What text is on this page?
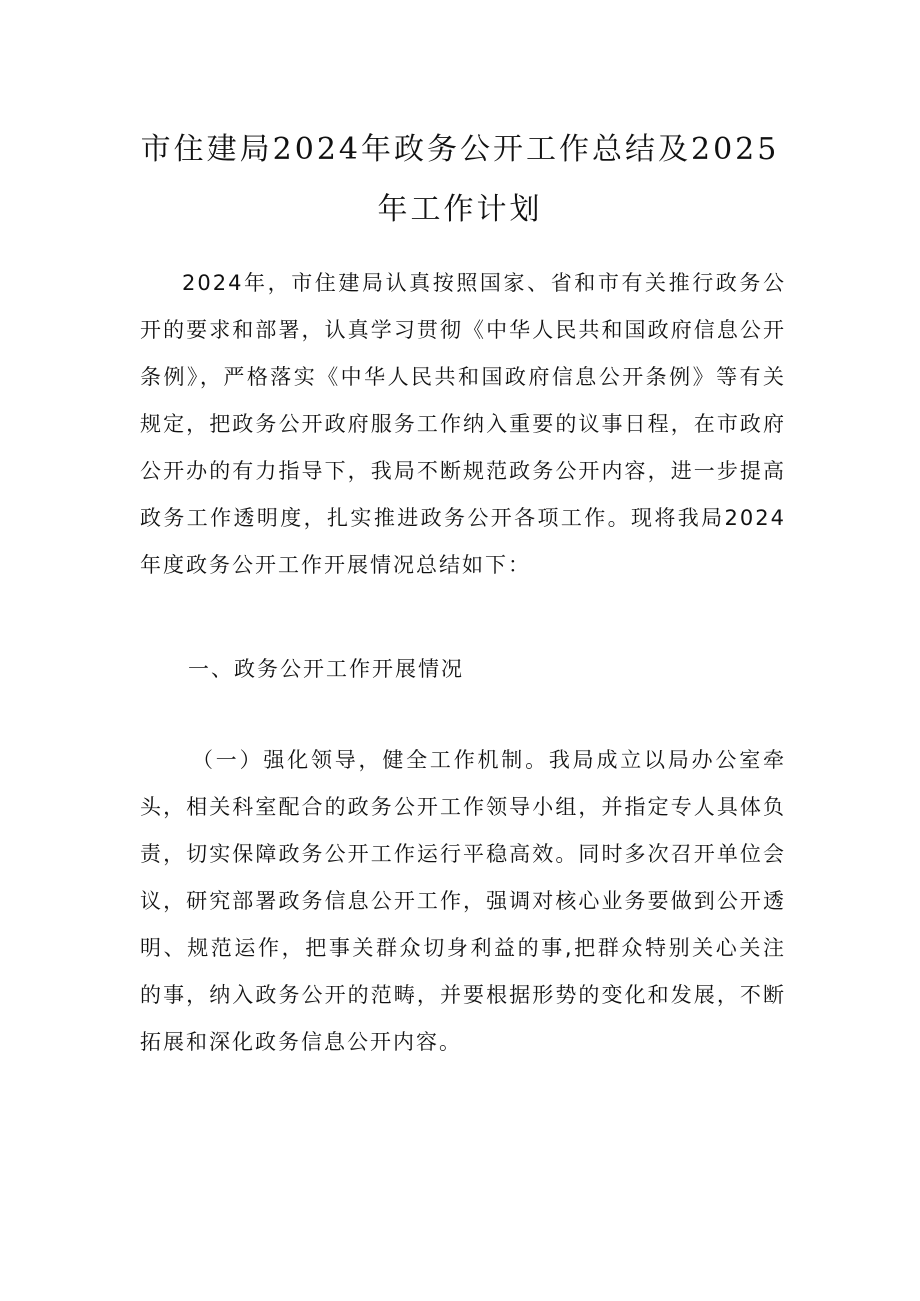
市住建局2024年政务公开工作总结及2025
年工作计划

2024年，市住建局认真按照国家、省和市有关推行政务公开的要求和部署，认真学习贯彻《中华人民共和国政府信息公开条例》，严格落实《中华人民共和国政府信息公开条例》等有关规定，把政务公开政府服务工作纳入重要的议事日程，在市政府公开办的有力指导下，我局不断规范政务公开内容，进一步提高政务工作透明度，扎实推进政务公开各项工作。现将我局2024年度政务公开工作开展情况总结如下：

一、政务公开工作开展情况

（一）强化领导，健全工作机制。我局成立以局办公室牵头，相关科室配合的政务公开工作领导小组，并指定专人具体负责，切实保障政务公开工作运行平稳高效。同时多次召开单位会议，研究部署政务信息公开工作，强调对核心业务要做到公开透明、规范运作，把事关群众切身利益的事,把群众特别关心关注的事，纳入政务公开的范畴，并要根据形势的变化和发展，不断拓展和深化政务信息公开内容。
